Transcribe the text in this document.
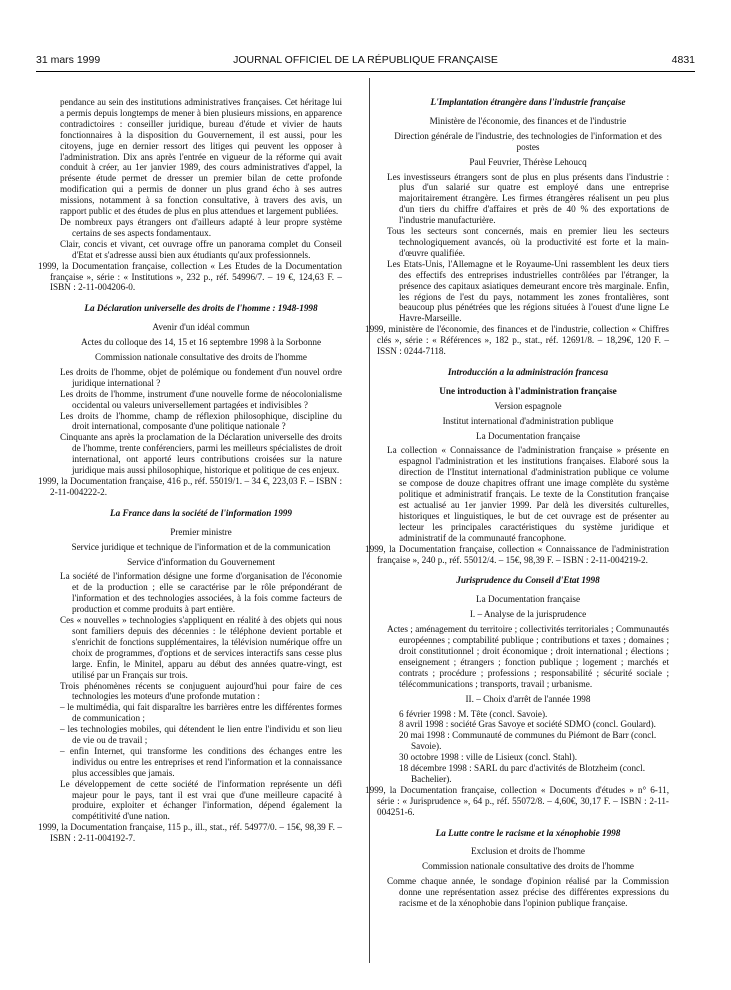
31 mars 1999	JOURNAL OFFICIEL DE LA RÉPUBLIQUE FRANÇAISE	4831

pendance au sein des institutions administratives françaises. Cet héritage lui a permis depuis longtemps de mener à bien plusieurs missions, en apparence contradictoires : conseiller juridique, bureau d'étude et vivier de hauts fonctionnaires à la disposition du Gouvernement, il est aussi, pour les citoyens, juge en dernier ressort des litiges qui peuvent les opposer à l'administration. Dix ans après l'entrée en vigueur de la réforme qui avait conduit à créer, au 1er janvier 1989, des cours administratives d'appel, la présente étude permet de dresser un premier bilan de cette profonde modification qui a permis de donner un plus grand écho à ses autres missions, notamment à sa fonction consultative, à travers des avis, un rapport public et des études de plus en plus attendues et largement publiées.

De nombreux pays étrangers ont d'ailleurs adapté à leur propre système certains de ses aspects fondamentaux.

Clair, concis et vivant, cet ouvrage offre un panorama complet du Conseil d'Etat et s'adresse aussi bien aux étudiants qu'aux professionnels.

1999, la Documentation française, collection « Les Etudes de la Documentation française », série : « Institutions », 232 p., réf. 54996/7. – 19 €, 124,63 F. – ISBN : 2-11-004206-0.

La Déclaration universelle des droits de l'homme : 1948-1998
Avenir d'un idéal commun
Actes du colloque des 14, 15 et 16 septembre 1998 à la Sorbonne
Commission nationale consultative des droits de l'homme

Les droits de l'homme, objet de polémique ou fondement d'un nouvel ordre juridique international ?

Les droits de l'homme, instrument d'une nouvelle forme de néocolonialisme occidental ou valeurs universellement partagées et indivisibles ?

Les droits de l'homme, champ de réflexion philosophique, discipline du droit international, composante d'une politique nationale ?

Cinquante ans après la proclamation de la Déclaration universelle des droits de l'homme, trente conférenciers, parmi les meilleurs spécialistes de droit international, ont apporté leurs contributions croisées sur la nature juridique mais aussi philosophique, historique et politique de ces enjeux.

1999, la Documentation française, 416 p., réf. 55019/1. – 34 €, 223,03 F. – ISBN : 2-11-004222-2.

La France dans la société de l'information 1999
Premier ministre
Service juridique et technique de l'information et de la communication
Service d'information du Gouvernement

La société de l'information désigne une forme d'organisation de l'économie et de la production ; elle se caractérise par le rôle prépondérant de l'information et des technologies associées, à la fois comme facteurs de production et comme produits à part entière.

Ces « nouvelles » technologies s'appliquent en réalité à des objets qui nous sont familiers depuis des décennies : le téléphone devient portable et s'enrichit de fonctions supplémentaires, la télévision numérique offre un choix de programmes, d'options et de services interactifs sans cesse plus large. Enfin, le Minitel, apparu au début des années quatre-vingt, est utilisé par un Français sur trois.

Trois phénomènes récents se conjuguent aujourd'hui pour faire de ces technologies les moteurs d'une profonde mutation :

– le multimédia, qui fait disparaître les barrières entre les différentes formes de communication ;

– les technologies mobiles, qui détendent le lien entre l'individu et son lieu de vie ou de travail ;

– enfin Internet, qui transforme les conditions des échanges entre les individus ou entre les entreprises et rend l'information et la connaissance plus accessibles que jamais.

Le développement de cette société de l'information représente un défi majeur pour le pays, tant il est vrai que d'une meilleure capacité à produire, exploiter et échanger l'information, dépend également la compétitivité d'une nation.

1999, la Documentation française, 115 p., ill., stat., réf. 54977/0. – 15€, 98,39 F. – ISBN : 2-11-004192-7.

L'Implantation étrangère dans l'industrie française
Ministère de l'économie, des finances et de l'industrie
Direction générale de l'industrie, des technologies de l'information et des postes
Paul Feuvrier, Thérèse Lehoucq

Les investisseurs étrangers sont de plus en plus présents dans l'industrie : plus d'un salarié sur quatre est employé dans une entreprise majoritairement étrangère. Les firmes étrangères réalisent un peu plus d'un tiers du chiffre d'affaires et près de 40 % des exportations de l'industrie manufacturière.

Tous les secteurs sont concernés, mais en premier lieu les secteurs technologiquement avancés, où la productivité est forte et la main-d'œuvre qualifiée.

Les Etats-Unis, l'Allemagne et le Royaume-Uni rassemblent les deux tiers des effectifs des entreprises industrielles contrôlées par l'étranger, la présence des capitaux asiatiques demeurant encore très marginale. Enfin, les régions de l'est du pays, notamment les zones frontalières, sont beaucoup plus pénétrées que les régions situées à l'ouest d'une ligne Le Havre-Marseille.

1999, ministère de l'économie, des finances et de l'industrie, collection « Chiffres clés », série : « Références », 182 p., stat., réf. 12691/8. – 18,29€, 120 F. – ISSN : 0244-7118.

Introducción a la administración francesa
Une introduction à l'administration française
Version espagnole
Institut international d'administration publique
La Documentation française

La collection « Connaissance de l'administration française » présente en espagnol l'administration et les institutions françaises. Elaboré sous la direction de l'Institut international d'administration publique ce volume se compose de douze chapitres offrant une image complète du système politique et administratif français. Le texte de la Constitution française est actualisé au 1er janvier 1999. Par delà les diversités culturelles, historiques et linguistiques, le but de cet ouvrage est de présenter au lecteur les principales caractéristiques du système juridique et administratif de la communauté francophone.

1999, la Documentation française, collection « Connaissance de l'administration française », 240 p., réf. 55012/4. – 15€, 98,39 F. – ISBN : 2-11-004219-2.

Jurisprudence du Conseil d'Etat 1998
La Documentation française
I. – Analyse de la jurisprudence

Actes ; aménagement du territoire ; collectivités territoriales ; Communautés européennes ; comptabilité publique ; contributions et taxes ; domaines ; droit constitutionnel ; droit économique ; droit international ; élections ; enseignement ; étrangers ; fonction publique ; logement ; marchés et contrats ; procédure ; professions ; responsabilité ; sécurité sociale ; télécommunications ; transports, travail ; urbanisme.

II. – Choix d'arrêt de l'année 1998

6 février 1998 : M. Tête (concl. Savoie).

8 avril 1998 : société Gras Savoye et société SDMO (concl. Goulard).

20 mai 1998 : Communauté de communes du Piémont de Barr (concl. Savoie).

30 octobre 1998 : ville de Lisieux (concl. Stahl).

18 décembre 1998 : SARL du parc d'activités de Blotzheim (concl. Bachelier).

1999, la Documentation française, collection « Documents d'études » n° 6-11, série : « Jurisprudence », 64 p., réf. 55072/8. – 4,60€, 30,17 F. – ISBN : 2-11-004251-6.

La Lutte contre le racisme et la xénophobie 1998
Exclusion et droits de l'homme
Commission nationale consultative des droits de l'homme

Comme chaque année, le sondage d'opinion réalisé par la Commission donne une représentation assez précise des différentes expressions du racisme et de la xénophobie dans l'opinion publique française.
